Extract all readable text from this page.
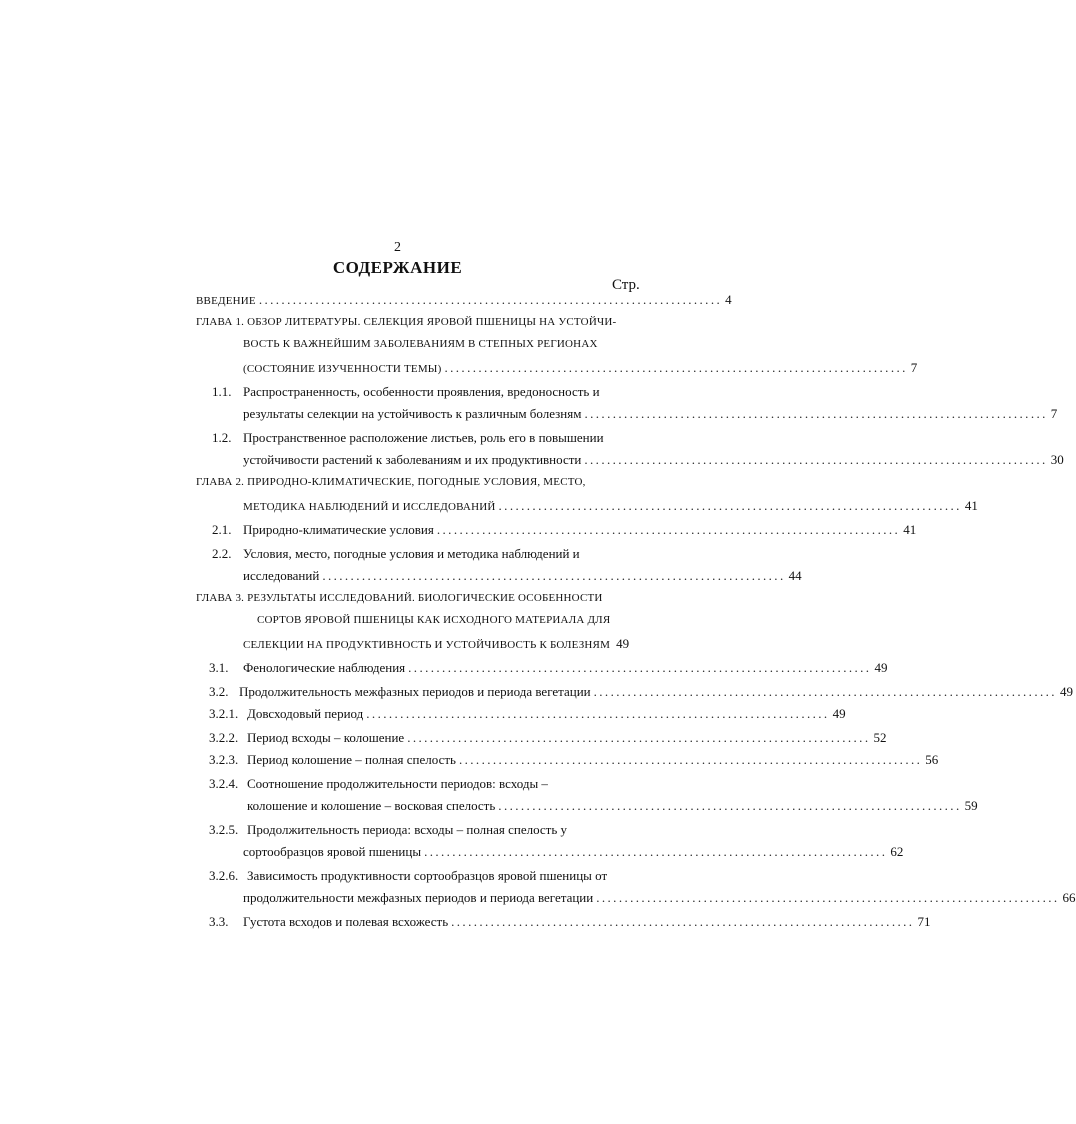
2
СОДЕРЖАНИЕ
Стр.
ВВЕДЕНИЕ .................................................................................. 4
ГЛАВА 1. ОБЗОР ЛИТЕРАТУРЫ. СЕЛЕКЦИЯ ЯРОВОЙ ПШЕНИЦЫ НА УСТОЙЧИ-
ВОСТЬ К ВАЖНЕЙШИМ ЗАБОЛЕВАНИЯМ В СТЕПНЫХ РЕГИОНАХ
(СОСТОЯНИЕ ИЗУЧЕННОСТИ ТЕМЫ) .................................................................................. 7
1.1. Распространенность, особенности проявления, вредоносность и
результаты селекции на устойчивость к различным болезням .................................................................................. 7
1.2. Пространственное расположение листьев, роль его в повышении
устойчивости растений к заболеваниям и их продуктивности .................................................................................. 30
ГЛАВА 2. ПРИРОДНО-КЛИМАТИЧЕСКИЕ, ПОГОДНЫЕ УСЛОВИЯ, МЕСТО,
МЕТОДИКА НАБЛЮДЕНИЙ И ИССЛЕДОВАНИЙ .................................................................................. 41
2.1. Природно-климатические условия .................................................................................. 41
2.2. Условия, место, погодные условия и методика наблюдений и
исследований .................................................................................. 44
ГЛАВА 3. РЕЗУЛЬТАТЫ ИССЛЕДОВАНИЙ. БИОЛОГИЧЕСКИЕ ОСОБЕННОСТИ
СОРТОВ ЯРОВОЙ ПШЕНИЦЫ КАК ИСХОДНОГО МАТЕРИАЛА ДЛЯ
СЕЛЕКЦИИ НА ПРОДУКТИВНОСТЬ И УСТОЙЧИВОСТЬ К БОЛЕЗНЯМ 49
3.1.	Фенологические наблюдения .................................................................................. 49
3.2. Продолжительность межфазных периодов и периода вегетации .................................................................................. 49
3.2.1. Довсходовый период .................................................................................. 49
3.2.2. Период всходы – колошение .................................................................................. 52
3.2.3. Период колошение – полная спелость .................................................................................. 56
3.2.4. Соотношение продолжительности периодов: всходы –
колошение и колошение – восковая спелость .................................................................................. 59
3.2.5. Продолжительность периода: всходы – полная спелость у
сортообразцов яровой пшеницы .................................................................................. 62
3.2.6. Зависимость продуктивности сортообразцов яровой пшеницы от
продолжительности межфазных периодов и периода вегетации .................................................................................. 66
3.3.	Густота всходов и полевая всхожесть .................................................................................. 71
